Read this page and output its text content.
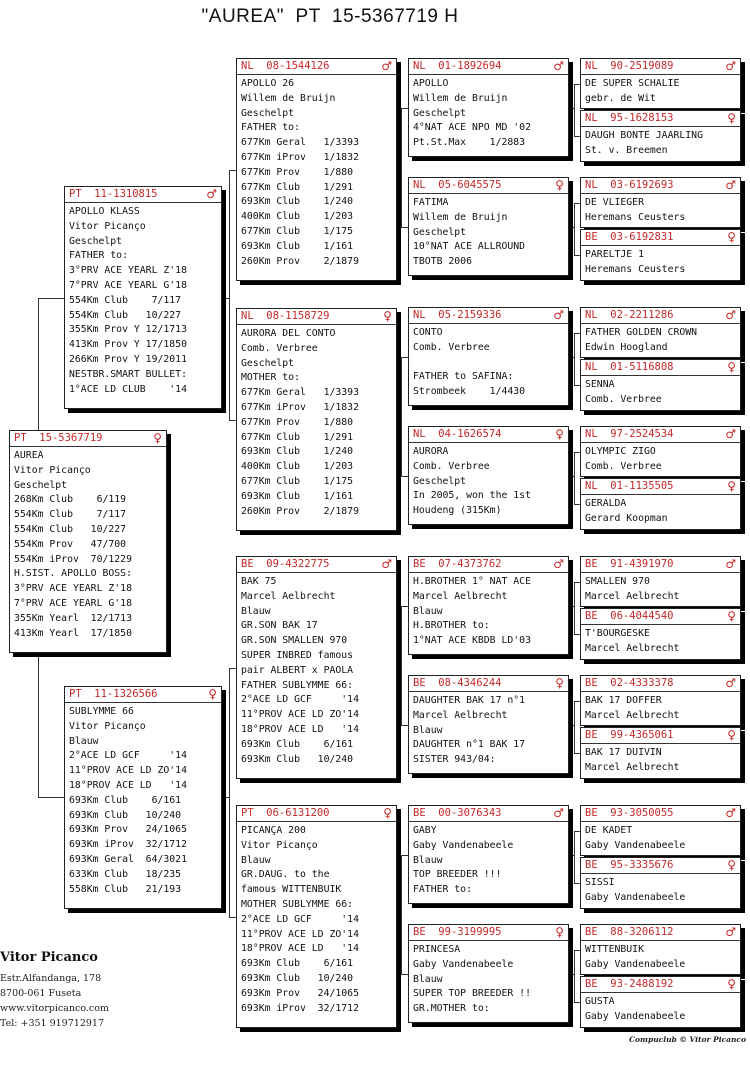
"AUREA"  PT  15-5367719 H
PT  15-5367719	♀
AUREA
Vitor Picanço
Geschelpt
268Km Club    6/119
554Km Club    7/117
554Km Club   10/227
554Km Prov   47/700
554Km iProv  70/1229
H.SIST. APOLLO BOSS:
3°PRV ACE YEARL Z'18
7°PRV ACE YEARL G'18
355Km Yearl  12/1713
413Km Yearl  17/1850
PT  11-1310815	♂
APOLLO KLASS
Vitor Picanço
Geschelpt
FATHER to:
3°PRV ACE YEARL Z'18
7°PRV ACE YEARL G'18
554Km Club    7/117
554Km Club   10/227
355Km Prov Y 12/1713
413Km Prov Y 17/1850
266Km Prov Y 19/2011
NESTBR.SMART BULLET:
1°ACE LD CLUB    '14
PT  11-1326566	♀
SUBLYMME 66
Vitor Picanço
Blauw
2°ACE LD GCF     '14
11°PROV ACE LD ZO'14
18°PROV ACE LD   '14
693Km Club    6/161
693Km Club   10/240
693Km Prov   24/1065
693Km iProv  32/1712
693Km Geral  64/3021
633Km Club   18/235
558Km Club   21/193
NL  08-1544126	♂
APOLLO 26
Willem de Bruijn
Geschelpt
FATHER to:
677Km Geral   1/3393
677Km iProv   1/1832
677Km Prov    1/880
677Km Club    1/291
693Km Club    1/240
400Km Club    1/203
677Km Club    1/175
693Km Club    1/161
260Km Prov    2/1879
NL  08-1158729	♀
AURORA DEL CONTO
Comb. Verbree
Geschelpt
MOTHER to:
677Km Geral   1/3393
677Km iProv   1/1832
677Km Prov    1/880
677Km Club    1/291
693Km Club    1/240
400Km Club    1/203
677Km Club    1/175
693Km Club    1/161
260Km Prov    2/1879
BE  09-4322775	♂
BAK 75
Marcel Aelbrecht
Blauw
GR.SON BAK 17
GR.SON SMALLEN 970
SUPER INBRED famous
pair ALBERT x PAOLA
FATHER SUBLYMME 66:
2°ACE LD GCF     '14
11°PROV ACE LD ZO'14
18°PROV ACE LD   '14
693Km Club    6/161
693Km Club   10/240
PT  06-6131200	♀
PICANÇA 200
Vitor Picanço
Blauw
GR.DAUG. to the
famous WITTENBUIK
MOTHER SUBLYMME 66:
2°ACE LD GCF     '14
11°PROV ACE LD ZO'14
18°PROV ACE LD   '14
693Km Club    6/161
693Km Club   10/240
693Km Prov   24/1065
693Km iProv  32/1712
NL  01-1892694	♂
APOLLO
Willem de Bruijn
Geschelpt
4°NAT ACE NPO MD '02
Pt.St.Max    1/2883
NL  05-6045575	♀
FATIMA
Willem de Bruijn
Geschelpt
10°NAT ACE ALLROUND
TBOTB 2006
NL  05-2159336	♂
CONTO
Comb. Verbree
FATHER to SAFINA:
Strombeek    1/4430
NL  04-1626574	♀
AURORA
Comb. Verbree
Geschelpt
In 2005, won the 1st
Houdeng (315Km)
BE  07-4373762	♂
H.BROTHER 1° NAT ACE
Marcel Aelbrecht
Blauw
H.BROTHER to:
1°NAT ACE KBDB LD'03
BE  08-4346244	♀
DAUGHTER BAK 17 n°1
Marcel Aelbrecht
Blauw
DAUGHTER n°1 BAK 17
SISTER 943/04:
BE  00-3076343	♂
GABY
Gaby Vandenabeele
Blauw
TOP BREEDER !!!
FATHER to:
BE  99-3199995	♀
PRINCESA
Gaby Vandenabeele
Blauw
SUPER TOP BREEDER !!
GR.MOTHER to:
NL  90-2519089	♂
DE SUPER SCHALIE
gebr. de Wit
NL  95-1628153	♀
DAUGH BONTE JAARLING
St. v. Breemen
NL  03-6192693	♂
DE VLIEGER
Heremans Ceusters
BE  03-6192831	♀
PARELTJE 1
Heremans Ceusters
NL  02-2211286	♂
FATHER GOLDEN CROWN
Edwin Hoogland
NL  01-5116808	♀
SENNA
Comb. Verbree
NL  97-2524534	♂
OLYMPIC ZIGO
Comb. Verbree
NL  01-1135505	♀
GERALDA
Gerard Koopman
BE  91-4391970	♂
SMALLEN 970
Marcel Aelbrecht
BE  06-4044540	♀
T'BOURGESKE
Marcel Aelbrecht
BE  02-4333378	♂
BAK 17 DOFFER
Marcel Aelbrecht
BE  99-4365061	♀
BAK 17 DUIVIN
Marcel Aelbrecht
BE  93-3050055	♂
DE KADET
Gaby Vandenabeele
BE  95-3335676	♀
SISSI
Gaby Vandenabeele
BE  88-3206112	♂
WITTENBUIK
Gaby Vandenabeele
BE  93-2488192	♀
GUSTA
Gaby Vandenabeele
Vitor Picanco
Estr.Alfandanga, 178
8700-061 Fuseta
www.vitorpicanco.com
Tel: +351 919712917
Compuclub © Vitor Picanco
